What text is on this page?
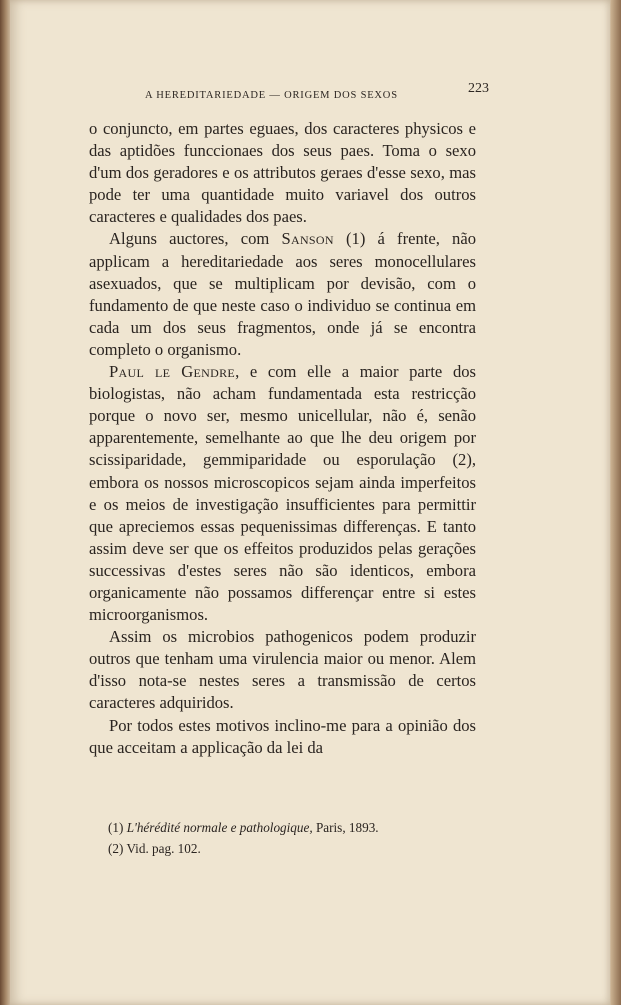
A HEREDITARIEDADE — ORIGEM DOS SEXOS	223

o conjuncto, em partes eguaes, dos caracteres physicos e das aptidões funccionaes dos seus paes. Toma o sexo d'um dos geradores e os attributos geraes d'esse sexo, mas pode ter uma quantidade muito variavel dos outros caracteres e qualidades dos paes.

Alguns auctores, com Sanson (1) á frente, não applicam a hereditariedade aos seres monocellulares asexuados, que se multiplicam por devisão, com o fundamento de que neste caso o individuo se continua em cada um dos seus fragmentos, onde já se encontra completo o organismo.

Paul le Gendre, e com elle a maior parte dos biologistas, não acham fundamentada esta restricção porque o novo ser, mesmo unicellular, não é, senão apparentemente, semelhante ao que lhe deu origem por scissiparidade, gemmiparidade ou esporulação (2), embora os nossos microscopicos sejam ainda imperfeitos e os meios de investigação insufficientes para permittir que apreciemos essas pequenissimas differenças. E tanto assim deve ser que os effeitos produzidos pelas gerações successivas d'estes seres não são identicos, embora organicamente não possamos differençar entre si estes microorganismos.

Assim os microbios pathogenicos podem produzir outros que tenham uma virulencia maior ou menor. Alem d'isso nota-se nestes seres a transmissão de certos caracteres adquiridos.

Por todos estes motivos inclino-me para a opinião dos que acceitam a applicação da lei da

(1) L'hérédité normale e pathologique, Paris, 1893.
(2) Vid. pag. 102.
